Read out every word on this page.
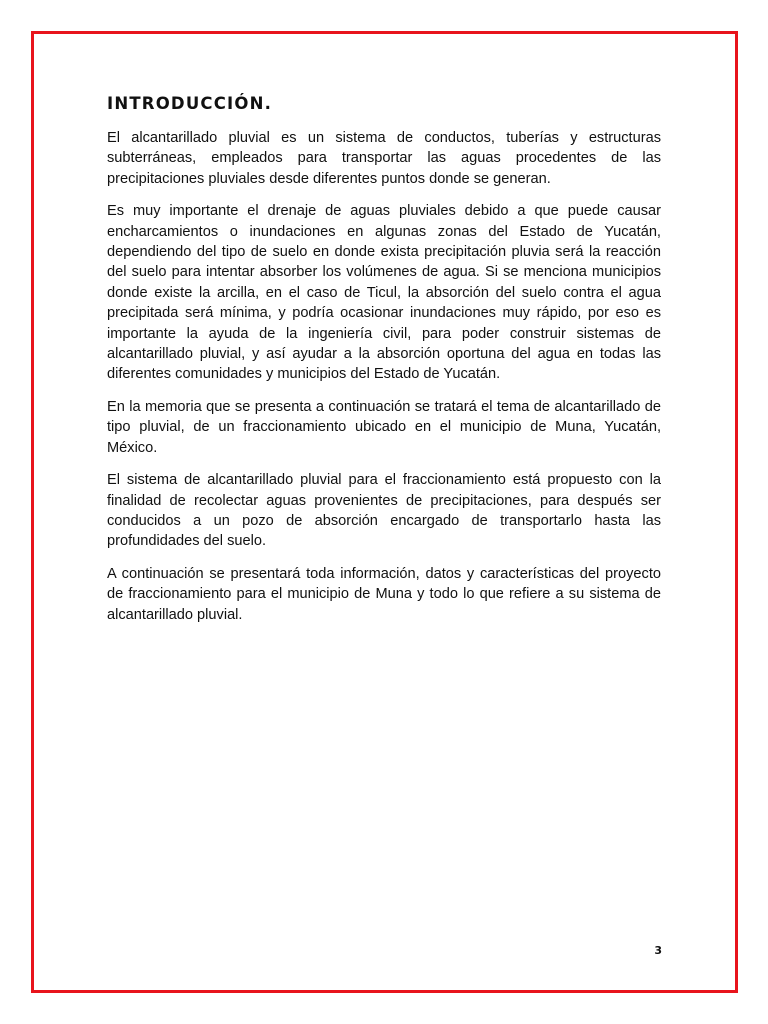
INTRODUCCIÓN.

El alcantarillado pluvial es un sistema de conductos, tuberías y estructuras subterráneas, empleados para transportar las aguas procedentes de las precipitaciones pluviales desde diferentes puntos donde se generan.

Es muy importante el drenaje de aguas pluviales debido a que puede causar encharcamientos o inundaciones en algunas zonas del Estado de Yucatán, dependiendo del tipo de suelo en donde exista precipitación pluvia será la reacción del suelo para intentar absorber los volúmenes de agua. Si se menciona municipios donde existe la arcilla, en el caso de Ticul, la absorción del suelo contra el agua precipitada será mínima, y podría ocasionar inundaciones muy rápido, por eso es importante la ayuda de la ingeniería civil, para poder construir sistemas de alcantarillado pluvial, y así ayudar a la absorción oportuna del agua en todas las diferentes comunidades y municipios del Estado de Yucatán.

En la memoria que se presenta a continuación se tratará el tema de alcantarillado de tipo pluvial, de un fraccionamiento ubicado en el municipio de Muna, Yucatán, México.

El sistema de alcantarillado pluvial para el fraccionamiento está propuesto con la finalidad de recolectar aguas provenientes de precipitaciones, para después ser conducidos a un pozo de absorción encargado de transportarlo hasta las profundidades del suelo.

A continuación se presentará toda información, datos y características del proyecto de fraccionamiento para el municipio de Muna y todo lo que refiere a su sistema de alcantarillado pluvial.

3
